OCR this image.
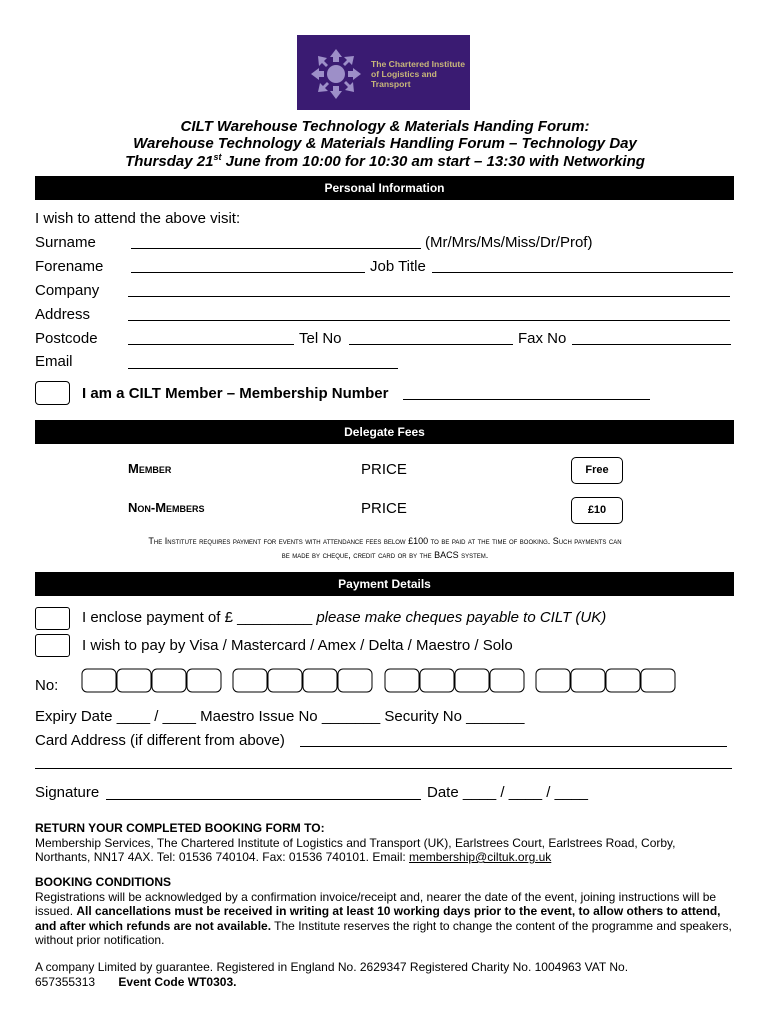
The Chartered Institute of Logistics and Transport
CILT Warehouse Technology & Materials Handing Forum:
Warehouse Technology & Materials Handling Forum – Technology Day
Thursday 21st June from 10:00 for 10:30 am start – 13:30 with Networking
Personal Information
I wish to attend the above visit:
Surname	(Mr/Mrs/Ms/Miss/Dr/Prof)
Forename	Job Title
Company
Address
Postcode	Tel No	Fax No
Email
I am a CILT Member – Membership Number
Delegate Fees
Member	PRICE	Free
Non-Members	PRICE	£10
The Institute requires payment for events with attendance fees below £100 to be paid at the time of booking. Such payments can
be made by cheque, credit card or by the BACS system.
Payment Details
I enclose payment of £ _________ please make cheques payable to CILT (UK)
I wish to pay by Visa / Mastercard / Amex / Delta / Maestro / Solo
No:
Expiry Date ____ / ____ Maestro Issue No _______ Security No _______
Card Address (if different from above)
Signature	Date ____ / ____ / ____
RETURN YOUR COMPLETED BOOKING FORM TO:
Membership Services, The Chartered Institute of Logistics and Transport (UK), Earlstrees Court, Earlstrees Road, Corby,
Northants, NN17 4AX. Tel: 01536 740104. Fax: 01536 740101. Email: membership@ciltuk.org.uk
BOOKING CONDITIONS
Registrations will be acknowledged by a confirmation invoice/receipt and, nearer the date of the event, joining instructions will be issued. All cancellations must be received in writing at least 10 working days prior to the event, to allow others to attend, and after which refunds are not available. The Institute reserves the right to change the content of the programme and speakers, without prior notification.
A company Limited by guarantee. Registered in England No. 2629347 Registered Charity No. 1004963 VAT No. 657355313 Event Code WT0303.
